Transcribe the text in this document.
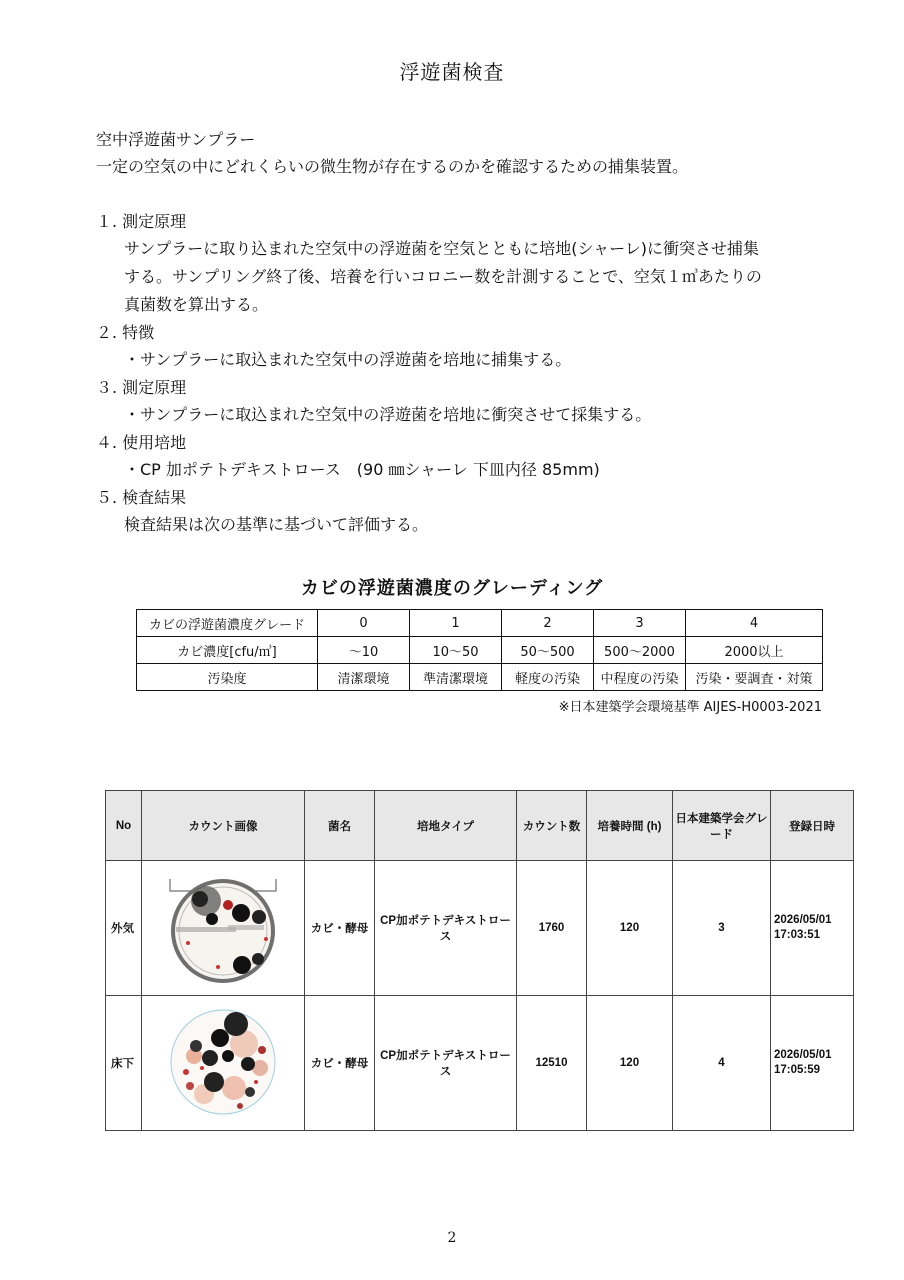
浮遊菌検査
空中浮遊菌サンプラー
一定の空気の中にどれくらいの微生物が存在するのかを確認するための捕集装置。
１. 測定原理
サンプラーに取り込まれた空気中の浮遊菌を空気とともに培地(シャーレ)に衝突させ捕集
する。サンプリング終了後、培養を行いコロニー数を計測することで、空気１㎥あたりの
真菌数を算出する。
２. 特徴
・サンプラーに取込まれた空気中の浮遊菌を培地に捕集する。
３. 測定原理
・サンプラーに取込まれた空気中の浮遊菌を培地に衝突させて採集する。
４. 使用培地
・CP 加ポテトデキストロース　(90 ㎜シャーレ 下皿内径 85mm)
５. 検査結果
検査結果は次の基準に基づいて評価する。
カビの浮遊菌濃度のグレーディング
カビの浮遊菌濃度グレード	0	1	2	3	4
カビ濃度[cfu/㎥]	～10	10～50	50～500	500～2000	2000以上
汚染度	清潔環境	準清潔環境	軽度の汚染	中程度の汚染	汚染・要調査・対策
※日本建築学会環境基準 AIJES-H0003-2021
No	カウント画像	菌名	培地タイプ	カウント数	培養時間 (h)	日本建築学会グレード	登録日時
外気		カビ・酵母	CP加ポテトデキストロース	1760	120	3	2026/05/01
17:03:51

床下		カビ・酵母	CP加ポテトデキストロース	12510	120	4	2026/05/01
17:05:59
2
